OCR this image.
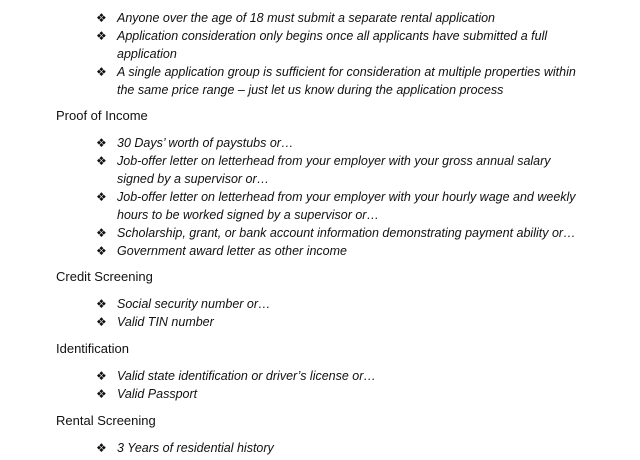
❖ Anyone over the age of 18 must submit a separate rental application
❖ Application consideration only begins once all applicants have submitted a full application
❖ A single application group is sufficient for consideration at multiple properties within the same price range – just let us know during the application process
Proof of Income
❖ 30 Days’ worth of paystubs or…
❖ Job-offer letter on letterhead from your employer with your gross annual salary signed by a supervisor or…
❖ Job-offer letter on letterhead from your employer with your hourly wage and weekly hours to be worked signed by a supervisor or…
❖ Scholarship, grant, or bank account information demonstrating payment ability or…
❖ Government award letter as other income
Credit Screening
❖ Social security number or…
❖ Valid TIN number
Identification
❖ Valid state identification or driver’s license or…
❖ Valid Passport
Rental Screening
❖ 3 Years of residential history
